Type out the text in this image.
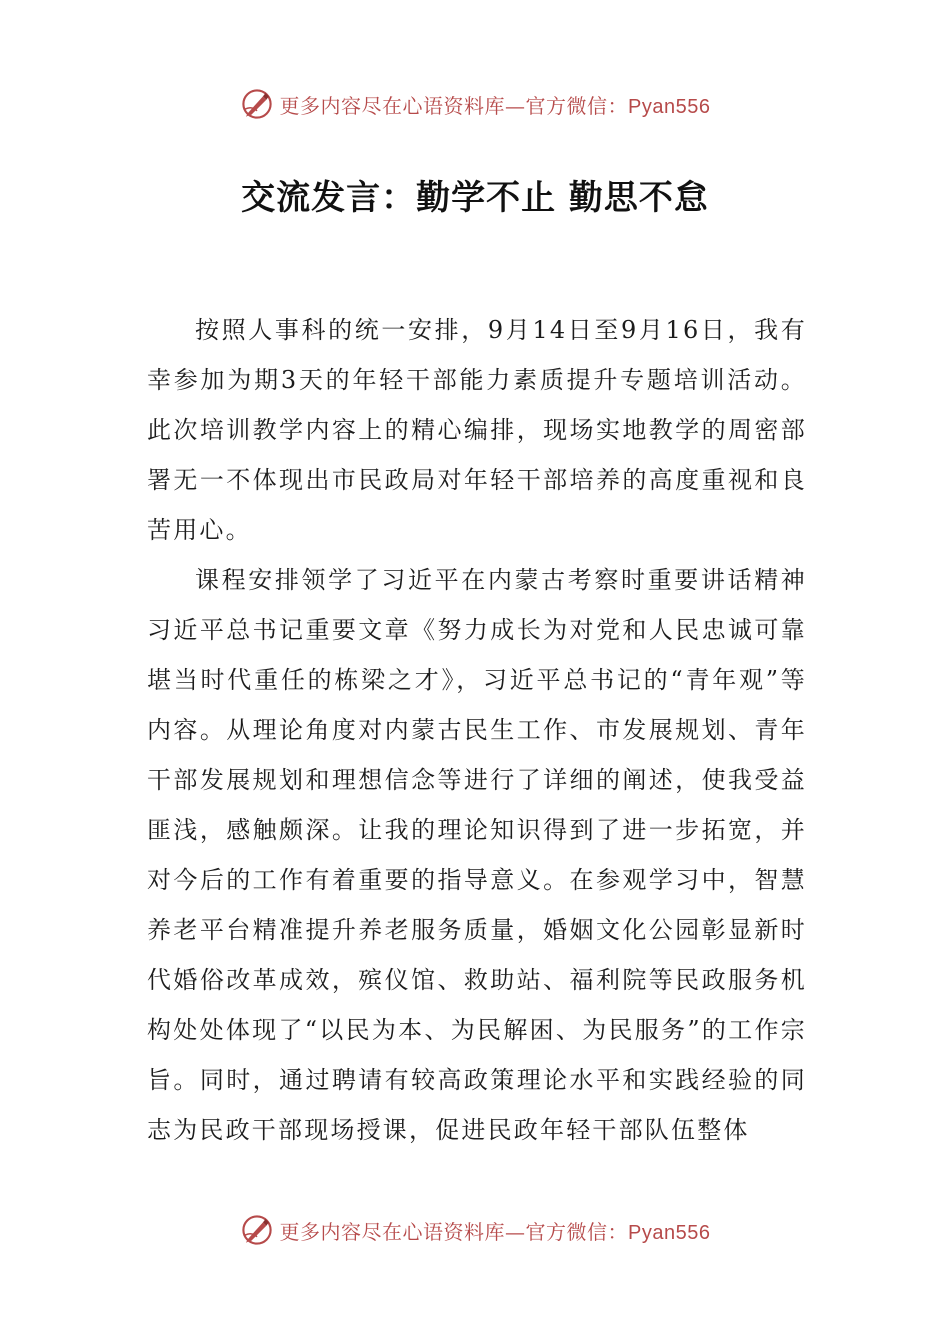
更多内容尽在心语资料库—官方微信：Pyan556
交流发言：勤学不止 勤思不怠

按照人事科的统一安排，9月14日至9月16日，我有幸参加为期3天的年轻干部能力素质提升专题培训活动。此次培训教学内容上的精心编排，现场实地教学的周密部署无一不体现出市民政局对年轻干部培养的高度重视和良苦用心。

课程安排领学了习近平在内蒙古考察时重要讲话精神习近平总书记重要文章《努力成长为对党和人民忠诚可靠堪当时代重任的栋梁之才》，习近平总书记的“青年观”等内容。从理论角度对内蒙古民生工作、市发展规划、青年干部发展规划和理想信念等进行了详细的阐述，使我受益匪浅，感触颇深。让我的理论知识得到了进一步拓宽，并对今后的工作有着重要的指导意义。在参观学习中，智慧养老平台精准提升养老服务质量，婚姻文化公园彰显新时代婚俗改革成效，殡仪馆、救助站、福利院等民政服务机构处处体现了“以民为本、为民解困、为民服务”的工作宗旨。同时，通过聘请有较高政策理论水平和实践经验的同志为民政干部现场授课，促进民政年轻干部队伍整体

更多内容尽在心语资料库—官方微信：Pyan556
